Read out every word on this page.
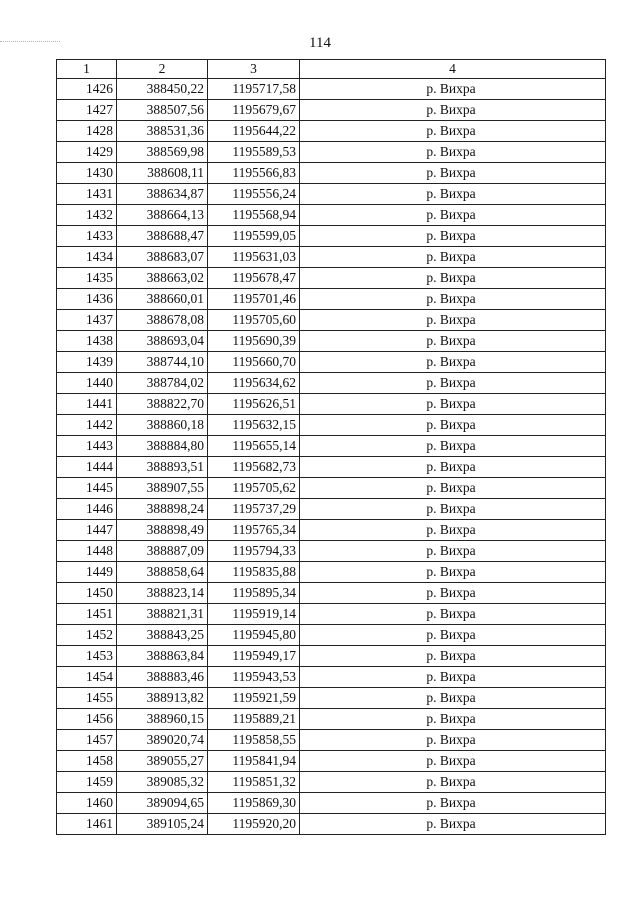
114
1	2	3	4
1426	388450,22	1195717,58	р. Вихра
1427	388507,56	1195679,67	р. Вихра
1428	388531,36	1195644,22	р. Вихра
1429	388569,98	1195589,53	р. Вихра
1430	388608,11	1195566,83	р. Вихра
1431	388634,87	1195556,24	р. Вихра
1432	388664,13	1195568,94	р. Вихра
1433	388688,47	1195599,05	р. Вихра
1434	388683,07	1195631,03	р. Вихра
1435	388663,02	1195678,47	р. Вихра
1436	388660,01	1195701,46	р. Вихра
1437	388678,08	1195705,60	р. Вихра
1438	388693,04	1195690,39	р. Вихра
1439	388744,10	1195660,70	р. Вихра
1440	388784,02	1195634,62	р. Вихра
1441	388822,70	1195626,51	р. Вихра
1442	388860,18	1195632,15	р. Вихра
1443	388884,80	1195655,14	р. Вихра
1444	388893,51	1195682,73	р. Вихра
1445	388907,55	1195705,62	р. Вихра
1446	388898,24	1195737,29	р. Вихра
1447	388898,49	1195765,34	р. Вихра
1448	388887,09	1195794,33	р. Вихра
1449	388858,64	1195835,88	р. Вихра
1450	388823,14	1195895,34	р. Вихра
1451	388821,31	1195919,14	р. Вихра
1452	388843,25	1195945,80	р. Вихра
1453	388863,84	1195949,17	р. Вихра
1454	388883,46	1195943,53	р. Вихра
1455	388913,82	1195921,59	р. Вихра
1456	388960,15	1195889,21	р. Вихра
1457	389020,74	1195858,55	р. Вихра
1458	389055,27	1195841,94	р. Вихра
1459	389085,32	1195851,32	р. Вихра
1460	389094,65	1195869,30	р. Вихра
1461	389105,24	1195920,20	р. Вихра
